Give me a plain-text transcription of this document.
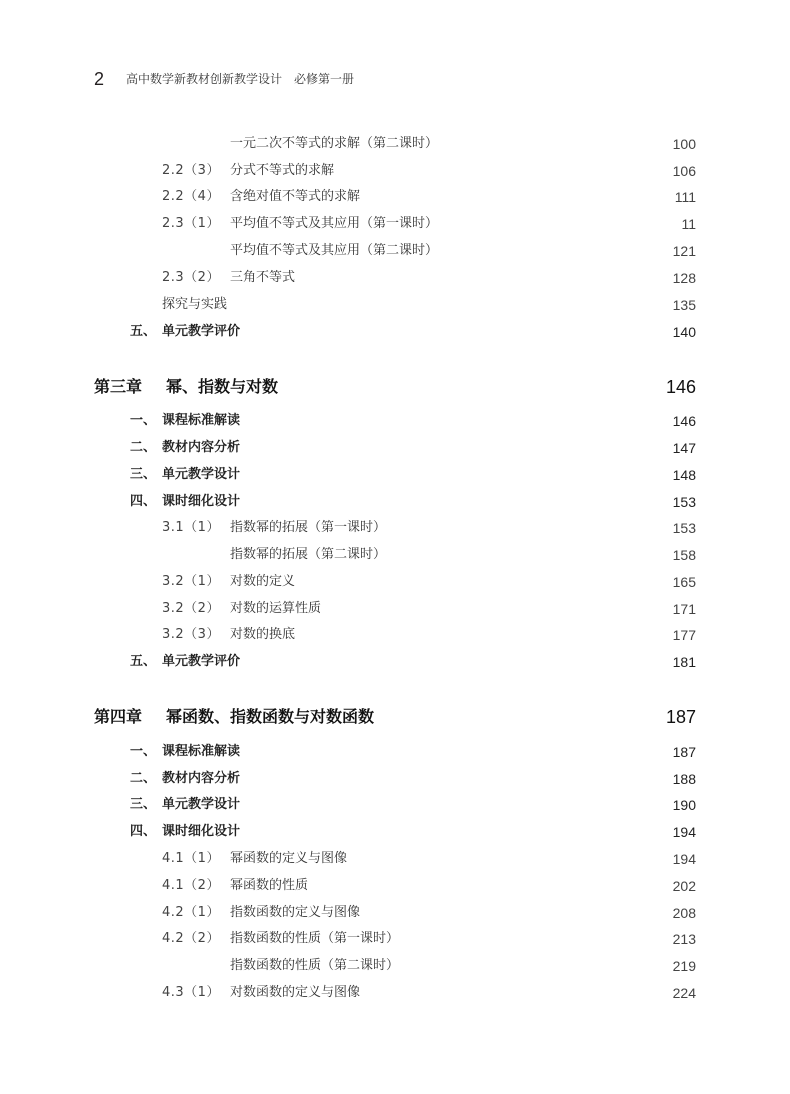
2 高中数学新教材创新教学设计　必修第一册
一元二次不等式的求解（第二课时）	100
2.2（3） 分式不等式的求解	106
2.2（4） 含绝对值不等式的求解	111
2.3（1） 平均值不等式及其应用（第一课时）	11
平均值不等式及其应用（第二课时）	121
2.3（2） 三角不等式	128
探究与实践	135
五、 单元教学评价	140
第三章 幂、指数与对数	146
一、 课程标准解读	146
二、 教材内容分析	147
三、 单元教学设计	148
四、 课时细化设计	153
3.1（1） 指数幂的拓展（第一课时）	153
指数幂的拓展（第二课时）	158
3.2（1） 对数的定义	165
3.2（2） 对数的运算性质	171
3.2（3） 对数的换底	177
五、 单元教学评价	181
第四章 幂函数、指数函数与对数函数	187
一、 课程标准解读	187
二、 教材内容分析	188
三、 单元教学设计	190
四、 课时细化设计	194
4.1（1） 幂函数的定义与图像	194
4.1（2） 幂函数的性质	202
4.2（1） 指数函数的定义与图像	208
4.2（2） 指数函数的性质（第一课时）	213
指数函数的性质（第二课时）	219
4.3（1） 对数函数的定义与图像	224
